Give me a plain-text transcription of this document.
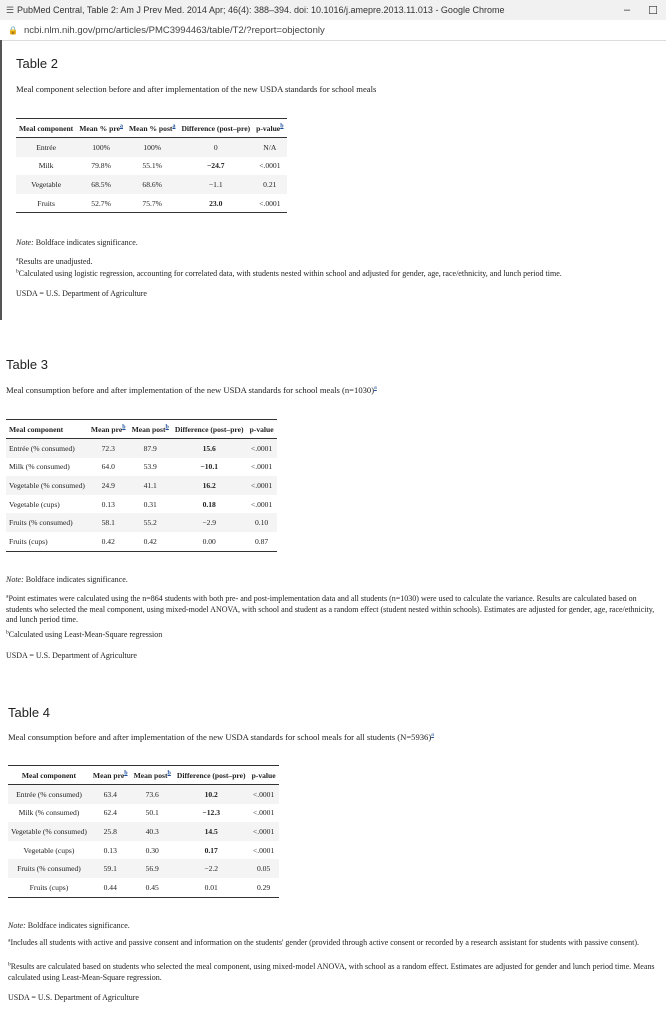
☰ PubMed Central, Table 2: Am J Prev Med. 2014 Apr; 46(4): 388–394. doi: 10.1016/j.amepre.2013.11.013 - Google Chrome	–	☐
🔒 ncbi.nlm.nih.gov/pmc/articles/PMC3994463/table/T2/?report=objectonly

Table 2

Meal component selection before and after implementation of the new USDA standards for school meals

Meal component	Mean % pre$^a$	Mean % post$^a$	Difference (post–pre)	p-value$^b$
Entrée	100%	100%	0	N/A
Milk	79.8%	55.1%	−24.7	<.0001
Vegetable	68.5%	68.6%	−1.1	0.21
Fruits	52.7%	75.7%	23.0	<.0001

Note: Boldface indicates significance.

$^a$Results are unadjusted.

$^b$Calculated using logistic regression, accounting for correlated data, with students nested within school and adjusted for gender, age, race/ethnicity, and lunch period time.

USDA = U.S. Department of Agriculture

Table 3

Meal consumption before and after implementation of the new USDA standards for school meals (n=1030)$^a$

Meal component	Mean pre$^b$	Mean post$^b$	Difference (post–pre)	p-value
Entrée (% consumed)	72.3	87.9	15.6	<.0001
Milk (% consumed)	64.0	53.9	−10.1	<.0001
Vegetable (% consumed)	24.9	41.1	16.2	<.0001
Vegetable (cups)	0.13	0.31	0.18	<.0001
Fruits (% consumed)	58.1	55.2	−2.9	0.10
Fruits (cups)	0.42	0.42	0.00	0.87

Note: Boldface indicates significance.

$^a$Point estimates were calculated using the n=864 students with both pre- and post-implementation data and all students (n=1030) were used to calculate the variance. Results are calculated based on students who selected the meal component, using mixed-model ANOVA, with school and student as a random effect (student nested within schools). Estimates are adjusted for gender, age, race/ethnicity, and lunch period time.

$^b$Calculated using Least-Mean-Square regression

USDA = U.S. Department of Agriculture

Table 4

Meal consumption before and after implementation of the new USDA standards for school meals for all students (N=5936)$^a$

Meal component	Mean pre$^b$	Mean post$^b$	Difference (post–pre)	p-value
Entrée (% consumed)	63.4	73.6	10.2	<.0001
Milk (% consumed)	62.4	50.1	−12.3	<.0001
Vegetable (% consumed)	25.8	40.3	14.5	<.0001
Vegetable (cups)	0.13	0.30	0.17	<.0001
Fruits (% consumed)	59.1	56.9	−2.2	0.05
Fruits (cups)	0.44	0.45	0.01	0.29

Note: Boldface indicates significance.

$^a$Includes all students with active and passive consent and information on the students' gender (provided through active consent or recorded by a research assistant for students with passive consent).

$^b$Results are calculated based on students who selected the meal component, using mixed-model ANOVA, with school as a random effect. Estimates are adjusted for gender and lunch period time. Means calculated using Least-Mean-Square regression.

USDA = U.S. Department of Agriculture
